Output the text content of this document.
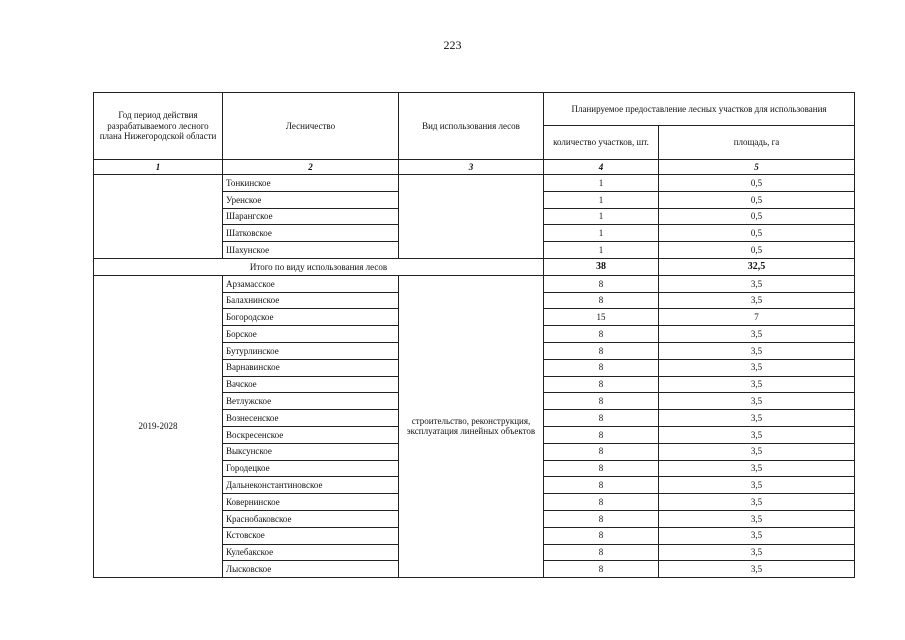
223
Год период действия разрабатываемого лесного плана Нижегородской области	Лесничество	Вид использования лесов	Планируемое предоставление лесных участков для использования	
			количество участков, шт.	площадь, га
1	2	3	4	5
	Тонкинское		1	0,5
	Уренское		1	0,5
	Шарангское		1	0,5
	Шатковское		1	0,5
	Шахунское		1	0,5
Итого по виду использования лесов			38	32,5
2019-2028	Арзамасское	строительство, реконструкция, эксплуатация линейных объектов	8	3,5
	Балахнинское		8	3,5
	Богородское		15	7
	Борское		8	3,5
	Бутурлинское		8	3,5
	Варнавинское		8	3,5
	Вачское		8	3,5
	Ветлужское		8	3,5
	Вознесенское		8	3,5
	Воскресенское		8	3,5
	Выксунское		8	3,5
	Городецкое		8	3,5
	Дальнеконстантиновское		8	3,5
	Ковернинское		8	3,5
	Краснобаковское		8	3,5
	Кстовское		8	3,5
	Кулебакское		8	3,5
	Лысковское		8	3,5
